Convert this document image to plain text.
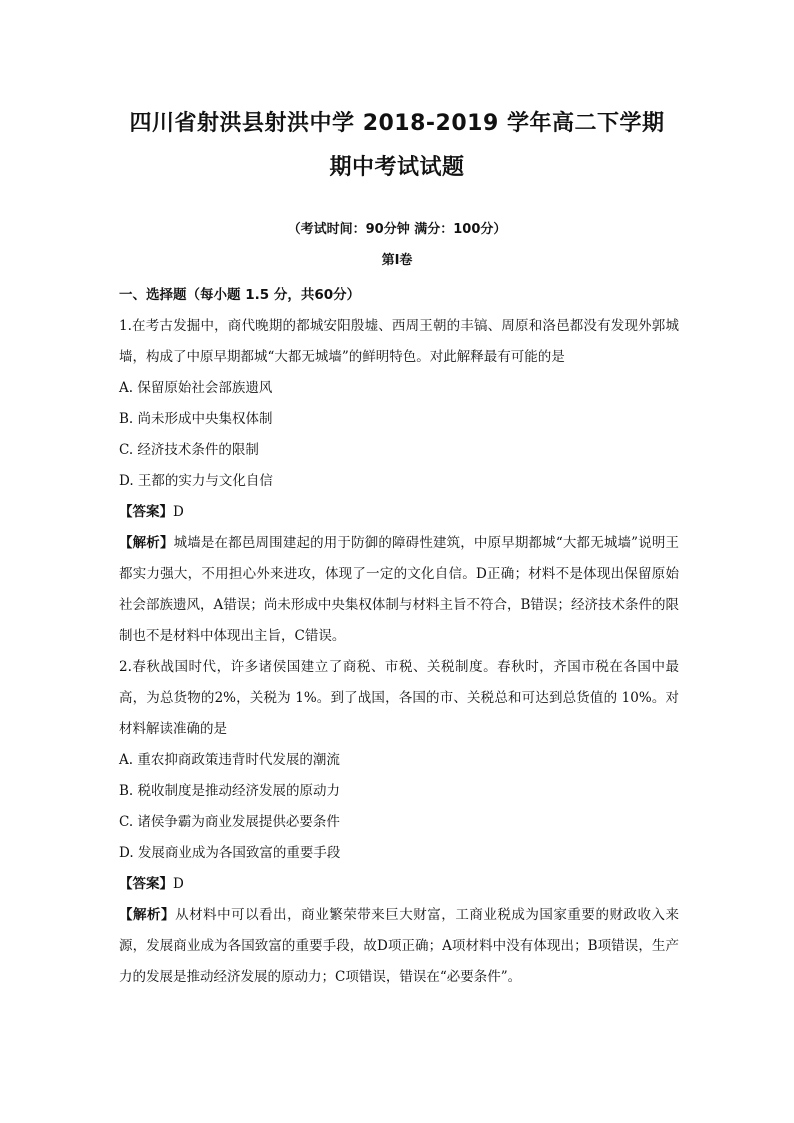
四川省射洪县射洪中学 2018-2019 学年高二下学期
期中考试试题
（考试时间：90分钟 满分：100分）
第Ⅰ卷

一、选择题（每小题 1.5 分，共60分）

1.在考古发掘中，商代晚期的都城安阳殷墟、西周王朝的丰镐、周原和洛邑都没有发现外郭城墙，构成了中原早期都城“大都无城墙”的鲜明特色。对此解释最有可能的是

A. 保留原始社会部族遗风

B. 尚未形成中央集权体制

C. 经济技术条件的限制

D. 王都的实力与文化自信

【答案】D

【解析】城墙是在都邑周围建起的用于防御的障碍性建筑，中原早期都城“大都无城墙”说明王都实力强大，不用担心外来进攻，体现了一定的文化自信。D正确；材料不是体现出保留原始社会部族遗风，A错误；尚未形成中央集权体制与材料主旨不符合，B错误；经济技术条件的限制也不是材料中体现出主旨，C错误。

2.春秋战国时代，许多诸侯国建立了商税、市税、关税制度。春秋时，齐国市税在各国中最高，为总货物的2%，关税为 1%。到了战国，各国的市、关税总和可达到总货值的 10%。对材料解读准确的是

A. 重农抑商政策违背时代发展的潮流

B. 税收制度是推动经济发展的原动力

C. 诸侯争霸为商业发展提供必要条件

D. 发展商业成为各国致富的重要手段

【答案】D

【解析】从材料中可以看出，商业繁荣带来巨大财富，工商业税成为国家重要的财政收入来源，发展商业成为各国致富的重要手段，故D项正确；A项材料中没有体现出；B项错误，生产力的发展是推动经济发展的原动力；C项错误，错误在“必要条件”。
